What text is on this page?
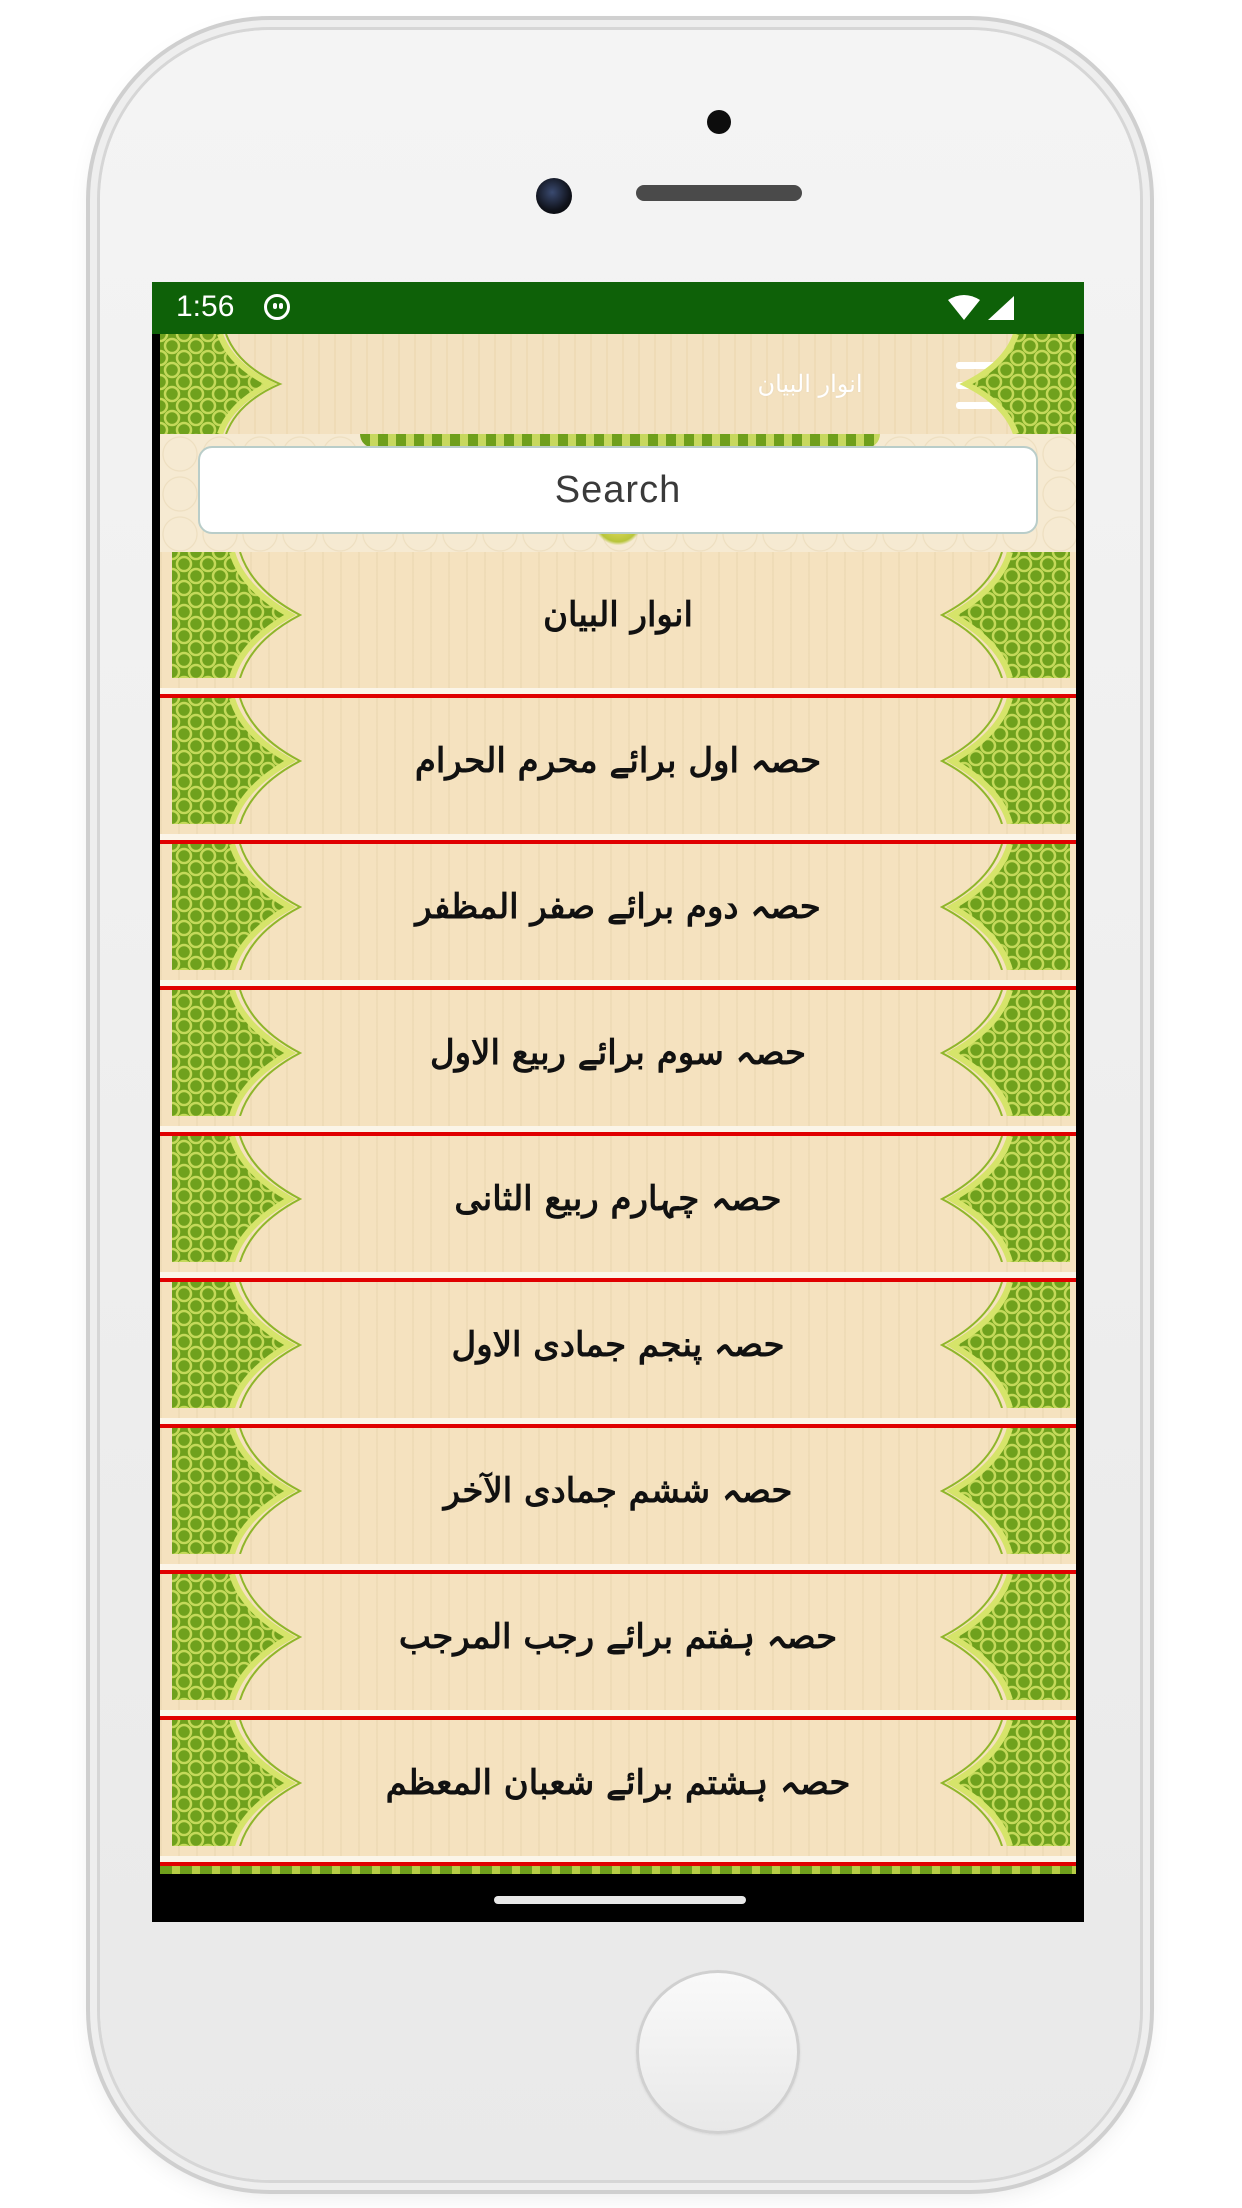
1:56
انوار البیان
Search
انوار البیان
حصہ اول برائے محرم الحرام
حصہ دوم برائے صفر المظفر
حصہ سوم برائے ربیع الاول
حصہ چہارم ربیع الثانی
حصہ پنجم جمادی الاول
حصہ ششم جمادی الآخر
حصہ ہفتم برائے رجب المرجب
حصہ ہشتم برائے شعبان المعظم
